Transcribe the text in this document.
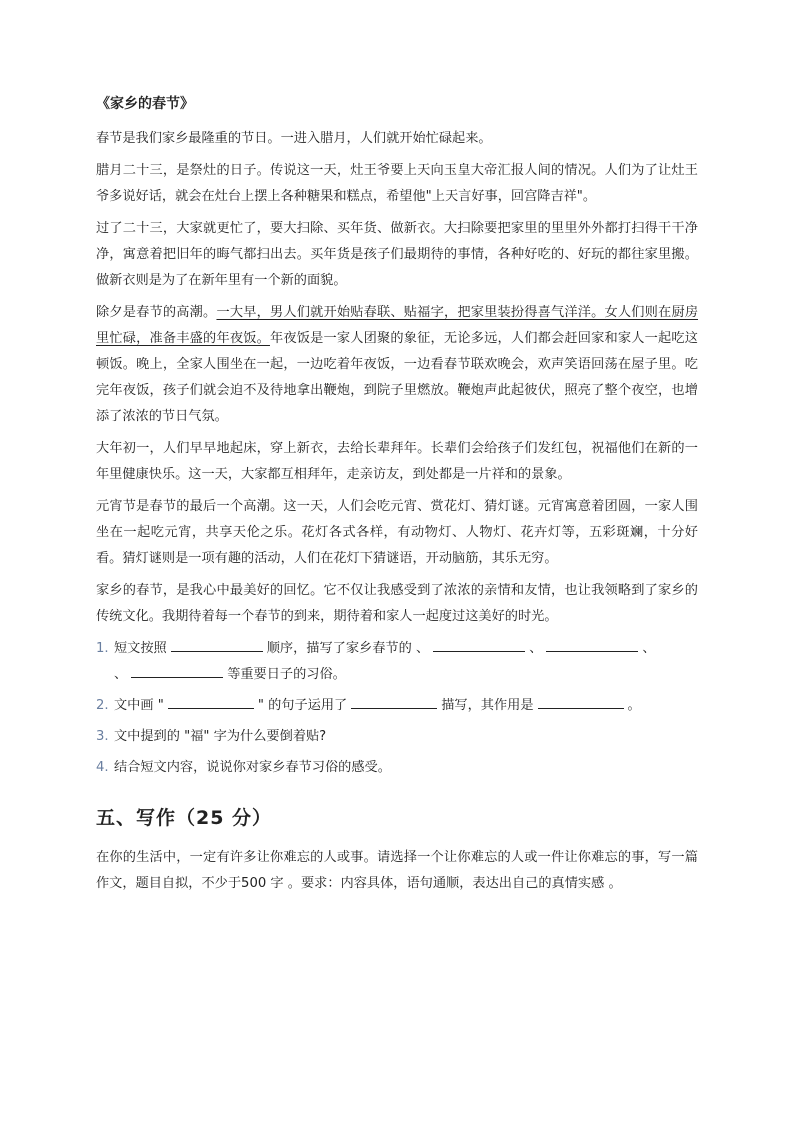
《家乡的春节》

春节是我们家乡最隆重的节日。一进入腊月，人们就开始忙碌起来。

腊月二十三，是祭灶的日子。传说这一天，灶王爷要上天向玉皇大帝汇报人间的情况。人们为了让灶王爷多说好话，就会在灶台上摆上各种糖果和糕点，希望他"上天言好事，回宫降吉祥"。

过了二十三，大家就更忙了，要大扫除、买年货、做新衣。大扫除要把家里的里里外外都打扫得干干净净，寓意着把旧年的晦气都扫出去。买年货是孩子们最期待的事情，各种好吃的、好玩的都往家里搬。做新衣则是为了在新年里有一个新的面貌。

除夕是春节的高潮。一大早，男人们就开始贴春联、贴福字，把家里装扮得喜气洋洋。女人们则在厨房里忙碌，准备丰盛的年夜饭。年夜饭是一家人团聚的象征，无论多远，人们都会赶回家和家人一起吃这顿饭。晚上，全家人围坐在一起，一边吃着年夜饭，一边看春节联欢晚会，欢声笑语回荡在屋子里。吃完年夜饭，孩子们就会迫不及待地拿出鞭炮，到院子里燃放。鞭炮声此起彼伏，照亮了整个夜空，也增添了浓浓的节日气氛。

大年初一，人们早早地起床，穿上新衣，去给长辈拜年。长辈们会给孩子们发红包，祝福他们在新的一年里健康快乐。这一天，大家都互相拜年，走亲访友，到处都是一片祥和的景象。

元宵节是春节的最后一个高潮。这一天，人们会吃元宵、赏花灯、猜灯谜。元宵寓意着团圆，一家人围坐在一起吃元宵，共享天伦之乐。花灯各式各样，有动物灯、人物灯、花卉灯等，五彩斑斓，十分好看。猜灯谜则是一项有趣的活动，人们在花灯下猜谜语，开动脑筋，其乐无穷。

家乡的春节，是我心中最美好的回忆。它不仅让我感受到了浓浓的亲情和友情，也让我领略到了家乡的传统文化。我期待着每一个春节的到来，期待着和家人一起度过这美好的时光。

1. 短文按照	顺序，描写了家乡春节的 、	、	、
、	等重要日子的习俗。
2. 文中画 "	" 的句子运用了	描写，其作用是	。
3. 文中提到的 "福" 字为什么要倒着贴?
4. 结合短文内容，说说你对家乡春节习俗的感受。
五、写作（25 分）

在你的生活中，一定有许多让你难忘的人或事。请选择一个让你难忘的人或一件让你难忘的事，写一篇作文，题目自拟，不少于500 字 。要求：内容具体，语句通顺，表达出自己的真情实感 。
